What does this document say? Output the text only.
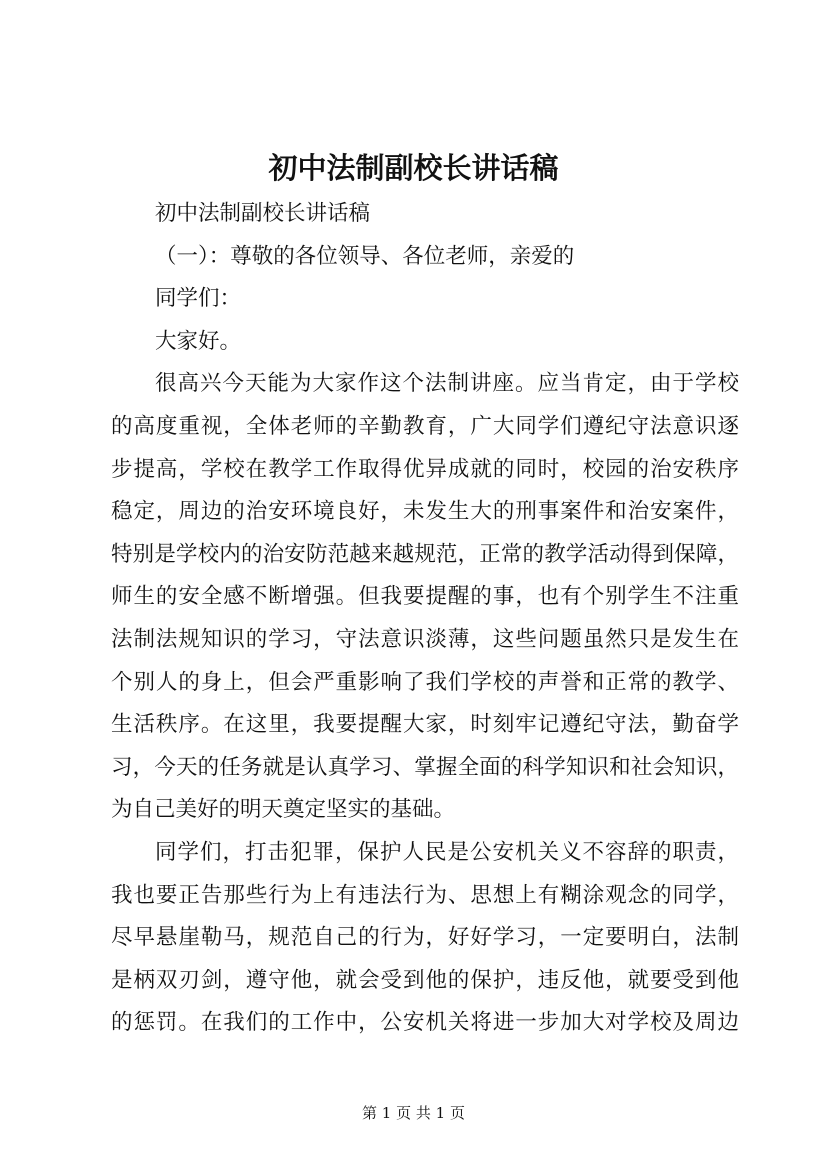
初中法制副校长讲话稿
初中法制副校长讲话稿
（一）：尊敬的各位领导、各位老师，亲爱的
同学们：
大家好。
很高兴今天能为大家作这个法制讲座。应当肯定，由于学校
的高度重视，全体老师的辛勤教育，广大同学们遵纪守法意识逐
步提高，学校在教学工作取得优异成就的同时，校园的治安秩序
稳定，周边的治安环境良好，未发生大的刑事案件和治安案件，
特别是学校内的治安防范越来越规范，正常的教学活动得到保障，
师生的安全感不断增强。但我要提醒的事，也有个别学生不注重
法制法规知识的学习，守法意识淡薄，这些问题虽然只是发生在
个别人的身上，但会严重影响了我们学校的声誉和正常的教学、
生活秩序。在这里，我要提醒大家，时刻牢记遵纪守法，勤奋学
习，今天的任务就是认真学习、掌握全面的科学知识和社会知识，
为自己美好的明天奠定坚实的基础。
同学们，打击犯罪，保护人民是公安机关义不容辞的职责，
我也要正告那些行为上有违法行为、思想上有糊涂观念的同学，
尽早悬崖勒马，规范自己的行为，好好学习，一定要明白，法制
是柄双刃剑，遵守他，就会受到他的保护，违反他，就要受到他
的惩罚。在我们的工作中，公安机关将进一步加大对学校及周边
第 1 页 共 1 页
